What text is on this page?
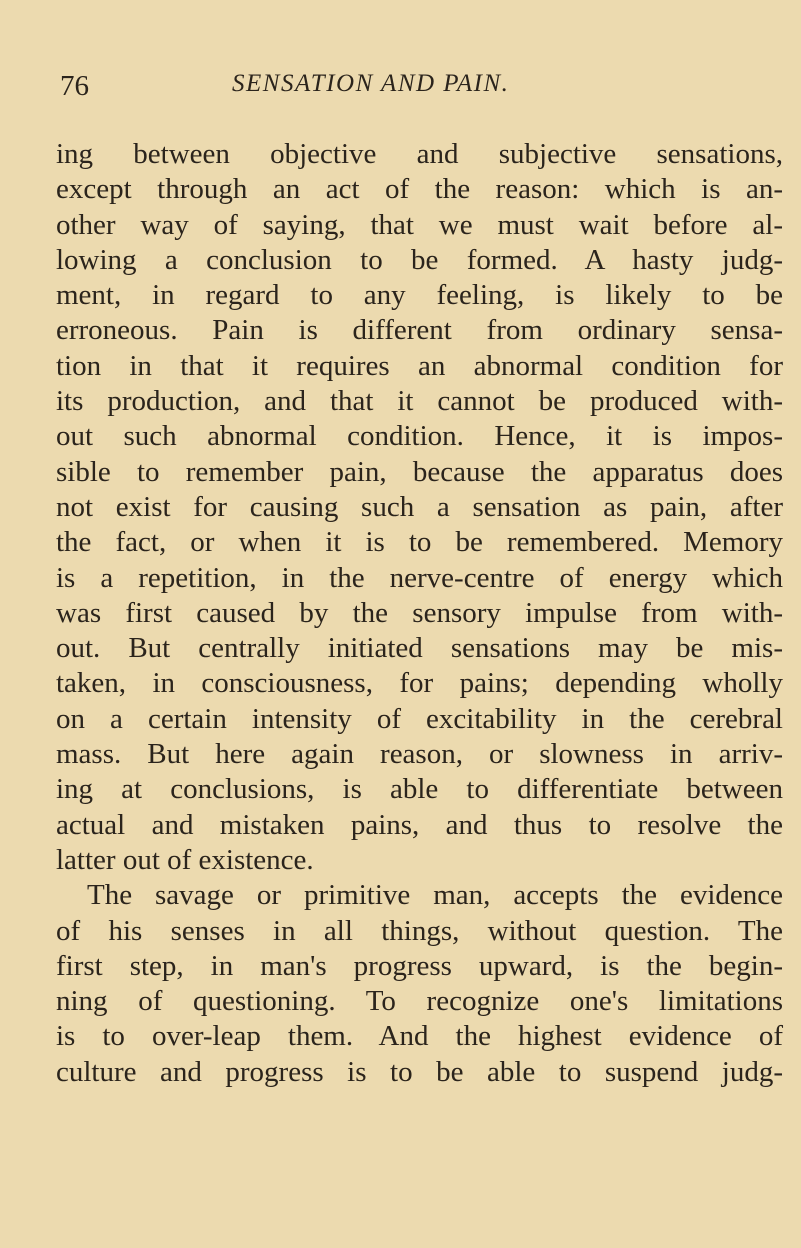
76	SENSATION AND PAIN.
ing between objective and subjective sensations,
except through an act of the reason: which is an-
other way of saying, that we must wait before al-
lowing a conclusion to be formed. A hasty judg-
ment, in regard to any feeling, is likely to be
erroneous. Pain is different from ordinary sensa-
tion in that it requires an abnormal condition for
its production, and that it cannot be produced with-
out such abnormal condition. Hence, it is impos-
sible to remember pain, because the apparatus does
not exist for causing such a sensation as pain, after
the fact, or when it is to be remembered. Memory
is a repetition, in the nerve-centre of energy which
was first caused by the sensory impulse from with-
out. But centrally initiated sensations may be mis-
taken, in consciousness, for pains; depending wholly
on a certain intensity of excitability in the cerebral
mass. But here again reason, or slowness in arriv-
ing at conclusions, is able to differentiate between
actual and mistaken pains, and thus to resolve the
latter out of existence.
The savage or primitive man, accepts the evidence
of his senses in all things, without question. The
first step, in man's progress upward, is the begin-
ning of questioning. To recognize one's limitations
is to over-leap them. And the highest evidence of
culture and progress is to be able to suspend judg-
